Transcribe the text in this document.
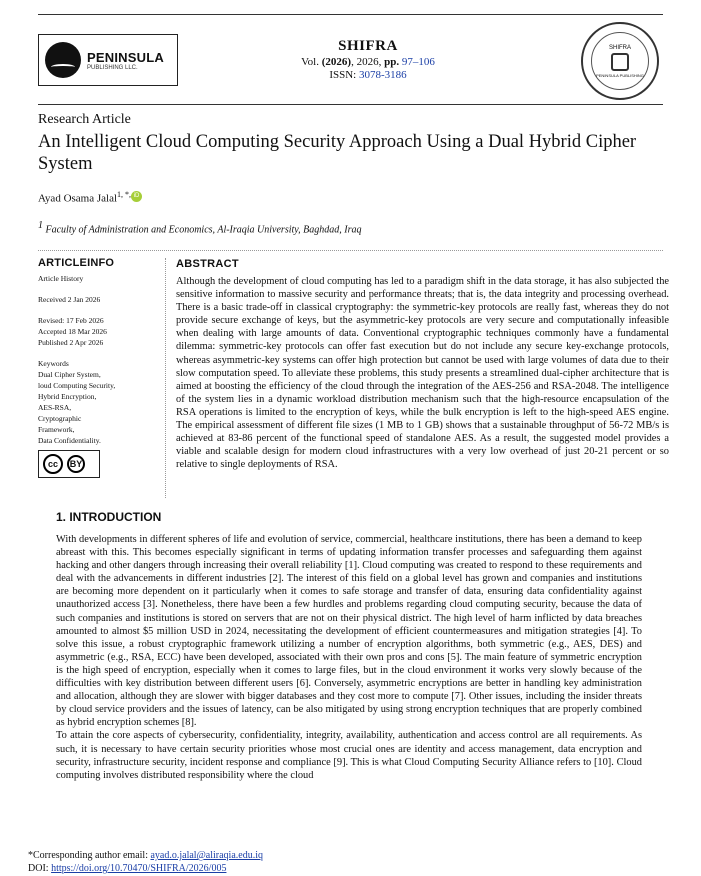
PENINSULA
PUBLISHING LLC.
SHIFRA
Vol. (2026), 2026, pp. 97–106
ISSN: 3078-3186
SHIFRA
PENINSULA PUBLISHING
Research Article
An Intelligent Cloud Computing Security Approach Using a Dual Hybrid Cipher System
Ayad Osama Jalal$^{1, *,}$ iD
$^1$ Faculty of Administration and Economics, Al-Iraqia University, Baghdad, Iraq
ARTICLEINFO

Article History

Received 2 Jan 2026

Revised: 17 Feb 2026

Accepted 18 Mar 2026

Published 2 Apr 2026

Keywords

Dual Cipher System,

loud Computing Security,

Hybrid Encryption,

AES-RSA,

Cryptographic

Framework,

Data Confidentiality.

cc	BY
ABSTRACT

Although the development of cloud computing has led to a paradigm shift in the data storage, it has also subjected the sensitive information to massive security and performance threats; that is, the data integrity and processing overhead. There is a basic trade-off in classical cryptography: the symmetric-key protocols are really fast, whereas they do not provide secure exchange of keys, but the asymmetric-key protocols are very secure and computationally infeasible when dealing with large amounts of data. Conventional cryptographic techniques commonly have a fundamental dilemma: symmetric-key protocols can offer fast execution but do not include any secure key-exchange protocols, whereas asymmetric-key systems can offer high protection but cannot be used with large volumes of data due to their slow computation speed. To alleviate these problems, this study presents a streamlined dual-cipher architecture that is aimed at boosting the efficiency of the cloud through the integration of the AES-256 and RSA-2048. The intelligence of the system lies in a dynamic workload distribution mechanism such that the high-resource encapsulation of the RSA operations is limited to the encryption of keys, while the bulk encryption is left to the high-speed AES engine. The empirical assessment of different file sizes (1 MB to 1 GB) shows that a sustainable throughput of 56-72 MB/s is achieved at 83-86 percent of the functional speed of standalone AES. As a result, the suggested model provides a viable and scalable design for modern cloud infrastructures with a very low overhead of just 20-21 percent or so relative to single deployments of RSA.

1. INTRODUCTION

With developments in different spheres of life and evolution of service, commercial, healthcare institutions, there has been a demand to keep abreast with this. This becomes especially significant in terms of updating information transfer processes and safeguarding them against hacking and other dangers through increasing their overall reliability [1]. Cloud computing was created to respond to these requirements and deal with the advancements in different industries [2]. The interest of this field on a global level has grown and companies and institutions are becoming more dependent on it particularly when it comes to safe storage and transfer of data, ensuring data confidentiality against unauthorized access [3]. Nonetheless, there have been a few hurdles and problems regarding cloud computing security, because the data of such companies and institutions is stored on servers that are not on their physical district. The high level of harm inflicted by data breaches amounted to almost $5 million USD in 2024, necessitating the development of efficient countermeasures and mitigation strategies [4]. To solve this issue, a robust cryptographic framework utilizing a number of encryption algorithms, both symmetric (e.g., AES, DES) and asymmetric (e.g., RSA, ECC) have been developed, associated with their own pros and cons [5]. The main feature of symmetric encryption is the high speed of encryption, especially when it comes to large files, but in the cloud environment it works very slowly because of the difficulties with key distribution between different users [6]. Conversely, asymmetric encryptions are better in handling key administration and allocation, although they are slower with bigger databases and they cost more to compute [7]. Other issues, including the insider threats by cloud service providers and the issues of latency, can be also mitigated by using strong encryption techniques that are properly combined as hybrid encryption schemes [8].

To attain the core aspects of cybersecurity, confidentiality, integrity, availability, authentication and access control are all requirements. As such, it is necessary to have certain security priorities whose most crucial ones are identity and access management, data encryption and security, infrastructure security, incident response and compliance [9]. This is what Cloud Computing Security Alliance refers to [10]. Cloud computing involves distributed responsibility where the cloud

*Corresponding author email: ayad.o.jalal@aliraqia.edu.iq
DOI: https://doi.org/10.70470/SHIFRA/2026/005
